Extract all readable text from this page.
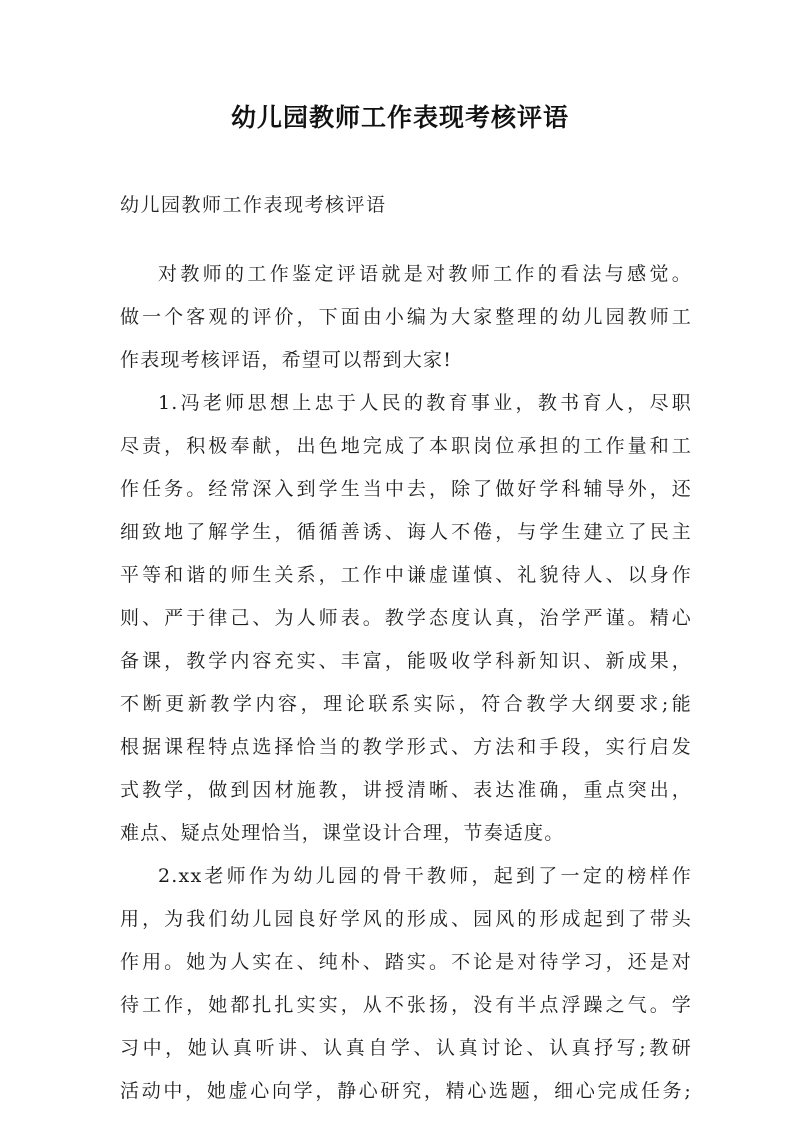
幼儿园教师工作表现考核评语
幼儿园教师工作表现考核评语
对教师的工作鉴定评语就是对教师工作的看法与感觉。
做一个客观的评价，下面由小编为大家整理的幼儿园教师工
作表现考核评语，希望可以帮到大家!
1.冯老师思想上忠于人民的教育事业，教书育人，尽职
尽责，积极奉献，出色地完成了本职岗位承担的工作量和工
作任务。经常深入到学生当中去，除了做好学科辅导外，还
细致地了解学生，循循善诱、诲人不倦，与学生建立了民主
平等和谐的师生关系，工作中谦虚谨慎、礼貌待人、以身作
则、严于律己、为人师表。教学态度认真，治学严谨。精心
备课，教学内容充实、丰富，能吸收学科新知识、新成果，
不断更新教学内容，理论联系实际，符合教学大纲要求;能
根据课程特点选择恰当的教学形式、方法和手段，实行启发
式教学，做到因材施教，讲授清晰、表达准确，重点突出，
难点、疑点处理恰当，课堂设计合理，节奏适度。
2.xx老师作为幼儿园的骨干教师，起到了一定的榜样作
用，为我们幼儿园良好学风的形成、园风的形成起到了带头
作用。她为人实在、纯朴、踏实。不论是对待学习，还是对
待工作，她都扎扎实实，从不张扬，没有半点浮躁之气。学
习中，她认真听讲、认真自学、认真讨论、认真抒写;教研
活动中，她虚心向学，静心研究，精心选题，细心完成任务;
